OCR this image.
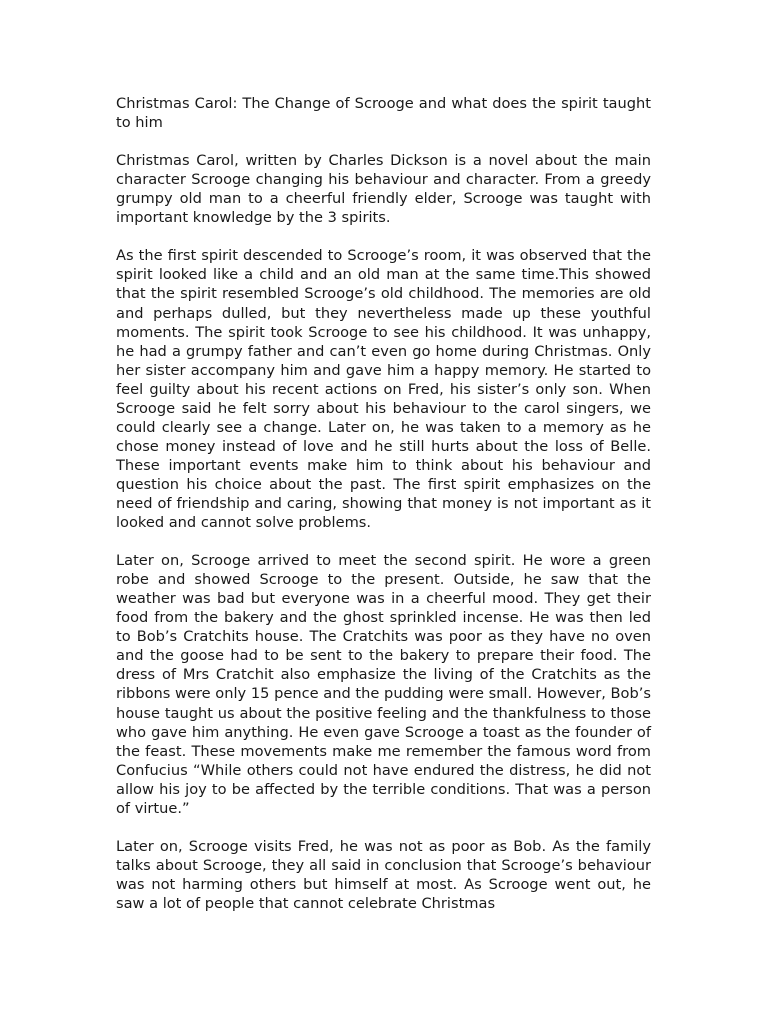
Christmas Carol: The Change of Scrooge and what does the spirit taught to him

Christmas Carol, written by Charles Dickson is a novel about the main character Scrooge changing his behaviour and character. From a greedy grumpy old man to a cheerful friendly elder, Scrooge was taught with important knowledge by the 3 spirits.

As the first spirit descended to Scrooge’s room, it was observed that the spirit looked like a child and an old man at the same time.This showed that the spirit resembled Scrooge’s old childhood. The memories are old and perhaps dulled, but they nevertheless made up these youthful moments. The spirit took Scrooge to see his childhood. It was unhappy, he had a grumpy father and can’t even go home during Christmas. Only her sister accompany him and gave him a happy memory. He started to feel guilty about his recent actions on Fred, his sister’s only son. When Scrooge said he felt sorry about his behaviour to the carol singers, we could clearly see a change. Later on, he was taken to a memory as he chose money instead of love and he still hurts about the loss of Belle. These important events make him to think about his behaviour and question his choice about the past. The first spirit emphasizes on the need of friendship and caring, showing that money is not important as it looked and cannot solve problems.

Later on, Scrooge arrived to meet the second spirit. He wore a green robe and showed Scrooge to the present. Outside, he saw that the weather was bad but everyone was in a cheerful mood. They get their food from the bakery and the ghost sprinkled incense. He was then led to Bob’s Cratchits house. The Cratchits was poor as they have no oven and the goose had to be sent to the bakery to prepare their food. The dress of Mrs Cratchit also emphasize the living of the Cratchits as the ribbons were only 15 pence and the pudding were small. However, Bob’s house taught us about the positive feeling and the thankfulness to those who gave him anything. He even gave Scrooge a toast as the founder of the feast. These movements make me remember the famous word from Confucius “While others could not have endured the distress, he did not allow his joy to be affected by the terrible conditions. That was a person of virtue.”

Later on, Scrooge visits Fred, he was not as poor as Bob. As the family talks about Scrooge, they all said in conclusion that Scrooge’s behaviour was not harming others but himself at most. As Scrooge went out, he saw a lot of people that cannot celebrate Christmas
